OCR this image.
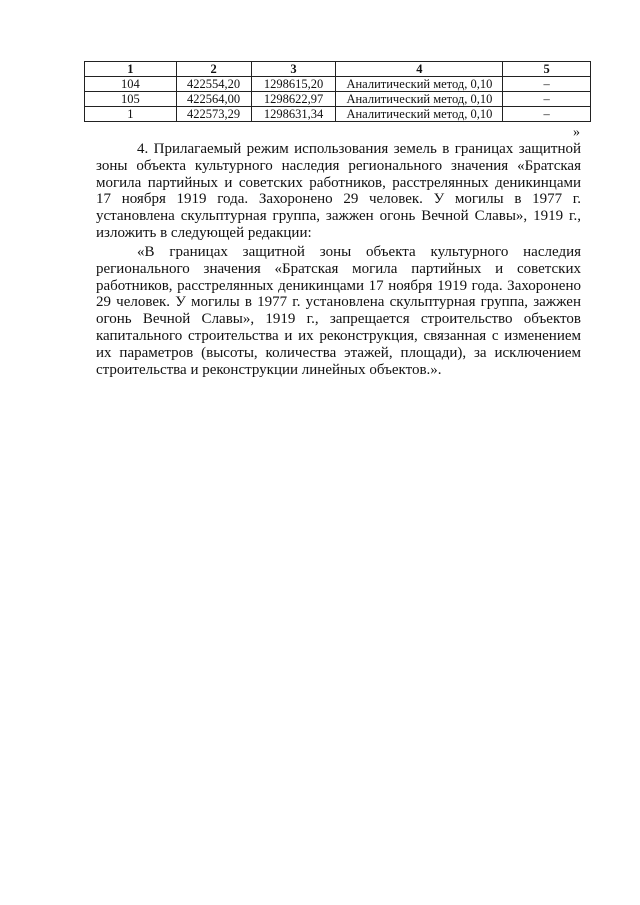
1	2	3	4	5
104	422554,20	1298615,20	Аналитический метод, 0,10	–
105	422564,00	1298622,97	Аналитический метод, 0,10	–
1	422573,29	1298631,34	Аналитический метод, 0,10	–
»

4. Прилагаемый режим использования земель в границах защитной зоны объекта культурного наследия регионального значения «Братская могила партийных и советских работников, расстрелянных деникинцами 17 ноября 1919 года. Захоронено 29 человек. У могилы в 1977 г. установлена скульптурная группа, зажжен огонь Вечной Славы», 1919 г., изложить в следующей редакции:

«В границах защитной зоны объекта культурного наследия регионального значения «Братская могила партийных и советских работников, расстрелянных деникинцами 17 ноября 1919 года. Захоронено 29 человек. У могилы в 1977 г. установлена скульптурная группа, зажжен огонь Вечной Славы», 1919 г., запрещается строительство объектов капитального строительства и их реконструкция, связанная с изменением их параметров (высоты, количества этажей, площади), за исключением строительства и реконструкции линейных объектов.».
